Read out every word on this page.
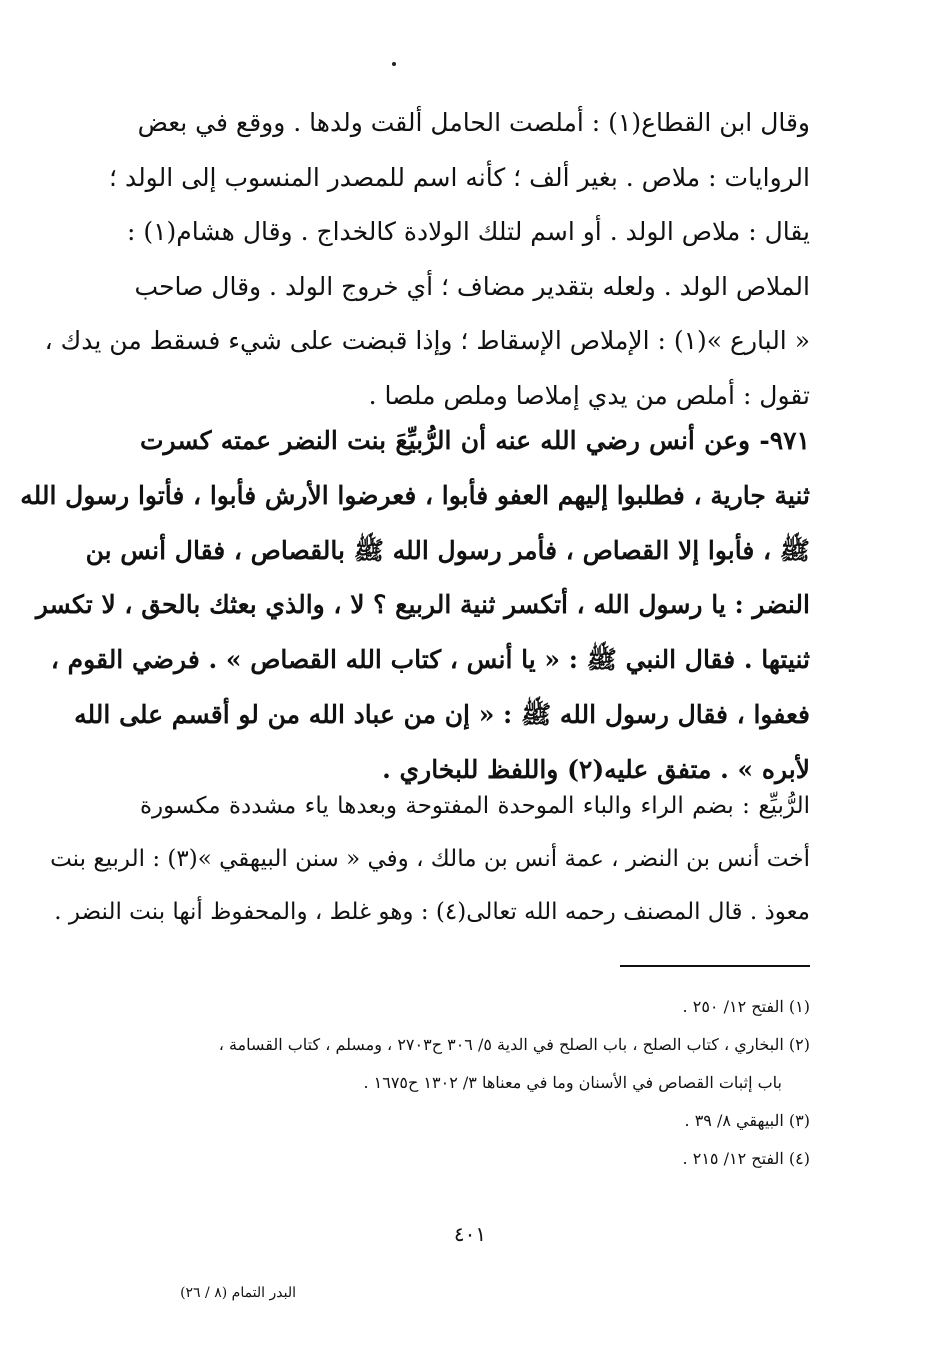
وقال ابن القطاع(١) : أملصت الحامل ألقت ولدها . ووقع في بعض
الروايات : ملاص . بغير ألف ؛ كأنه اسم للمصدر المنسوب إلى الولد ؛
يقال : ملاص الولد . أو اسم لتلك الولادة كالخداج . وقال هشام(١) :
الملاص الولد . ولعله بتقدير مضاف ؛ أي خروج الولد . وقال صاحب
« البارع »(١) : الإملاص الإسقاط ؛ وإذا قبضت على شيء فسقط من يدك ،
تقول : أملص من يدي إملاصا وملص ملصا .
٩٧١- وعن أنس رضي الله عنه أن الرُّبيِّعَ بنت النضر عمته كسرت
ثنية جارية ، فطلبوا إليهم العفو فأبوا ، فعرضوا الأرش فأبوا ، فأتوا رسول الله
ﷺ ، فأبوا إلا القصاص ، فأمر رسول الله ﷺ بالقصاص ، فقال أنس بن
النضر : يا رسول الله ، أتكسر ثنية الربيع ؟ لا ، والذي بعثك بالحق ، لا تكسر
ثنيتها . فقال النبي ﷺ : « يا أنس ، كتاب الله القصاص » . فرضي القوم ،
فعفوا ، فقال رسول الله ﷺ : « إن من عباد الله من لو أقسم على الله
لأبره » . متفق عليه(٢) واللفظ للبخاري .
الرُّبيِّع : بضم الراء والباء الموحدة المفتوحة وبعدها ياء مشددة مكسورة
أخت أنس بن النضر ، عمة أنس بن مالك ، وفي « سنن البيهقي »(٣) : الربيع بنت
معوذ . قال المصنف رحمه الله تعالى(٤) : وهو غلط ، والمحفوظ أنها بنت النضر .
(١) الفتح ١٢/ ٢٥٠ .
(٢) البخاري ، كتاب الصلح ، باب الصلح في الدية ٥/ ٣٠٦ ح٢٧٠٣ ، ومسلم ، كتاب القسامة ،
باب إثبات القصاص في الأسنان وما في معناها ٣/ ١٣٠٢ ح١٦٧٥ .
(٣) البيهقي ٨/ ٣٩ .
(٤) الفتح ١٢/ ٢١٥ .
٤٠١
البدر التمام (٨ / ٢٦)
